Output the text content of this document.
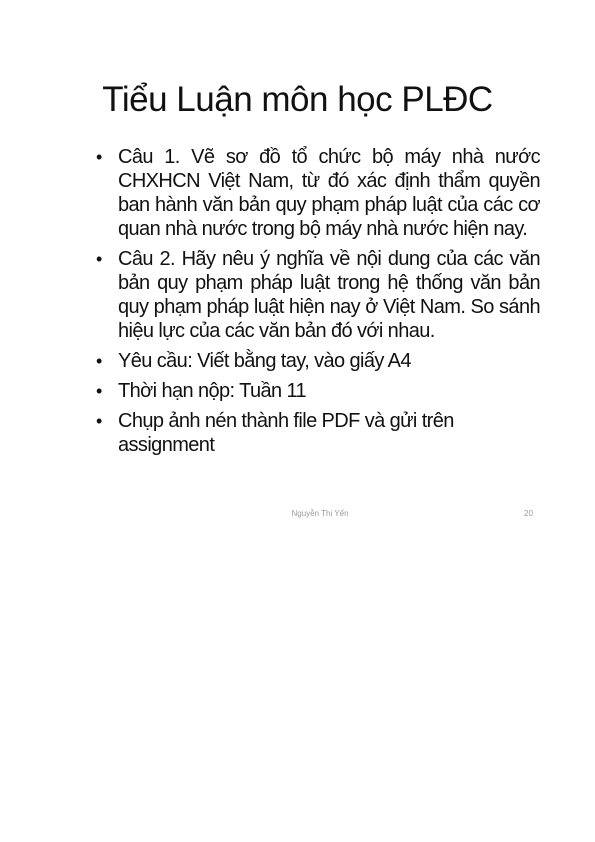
Tiểu Luận môn học PLĐC
• Câu 1. Vẽ sơ đồ tổ chức bộ máy nhà nước CHXHCN Việt Nam, từ đó xác định thẩm quyền ban hành văn bản quy phạm pháp luật của các cơ quan nhà nước trong bộ máy nhà nước hiện nay.
• Câu 2. Hãy nêu ý nghĩa về nội dung của các văn bản quy phạm pháp luật trong hệ thống văn bản quy phạm pháp luật hiện nay ở Việt Nam. So sánh hiệu lực của các văn bản đó với nhau.
• Yêu cầu: Viết bằng tay, vào giấy A4
• Thời hạn nộp: Tuần 11
• Chụp ảnh nén thành file PDF và gửi trên assignment
Nguyễn Thị Yến	20
